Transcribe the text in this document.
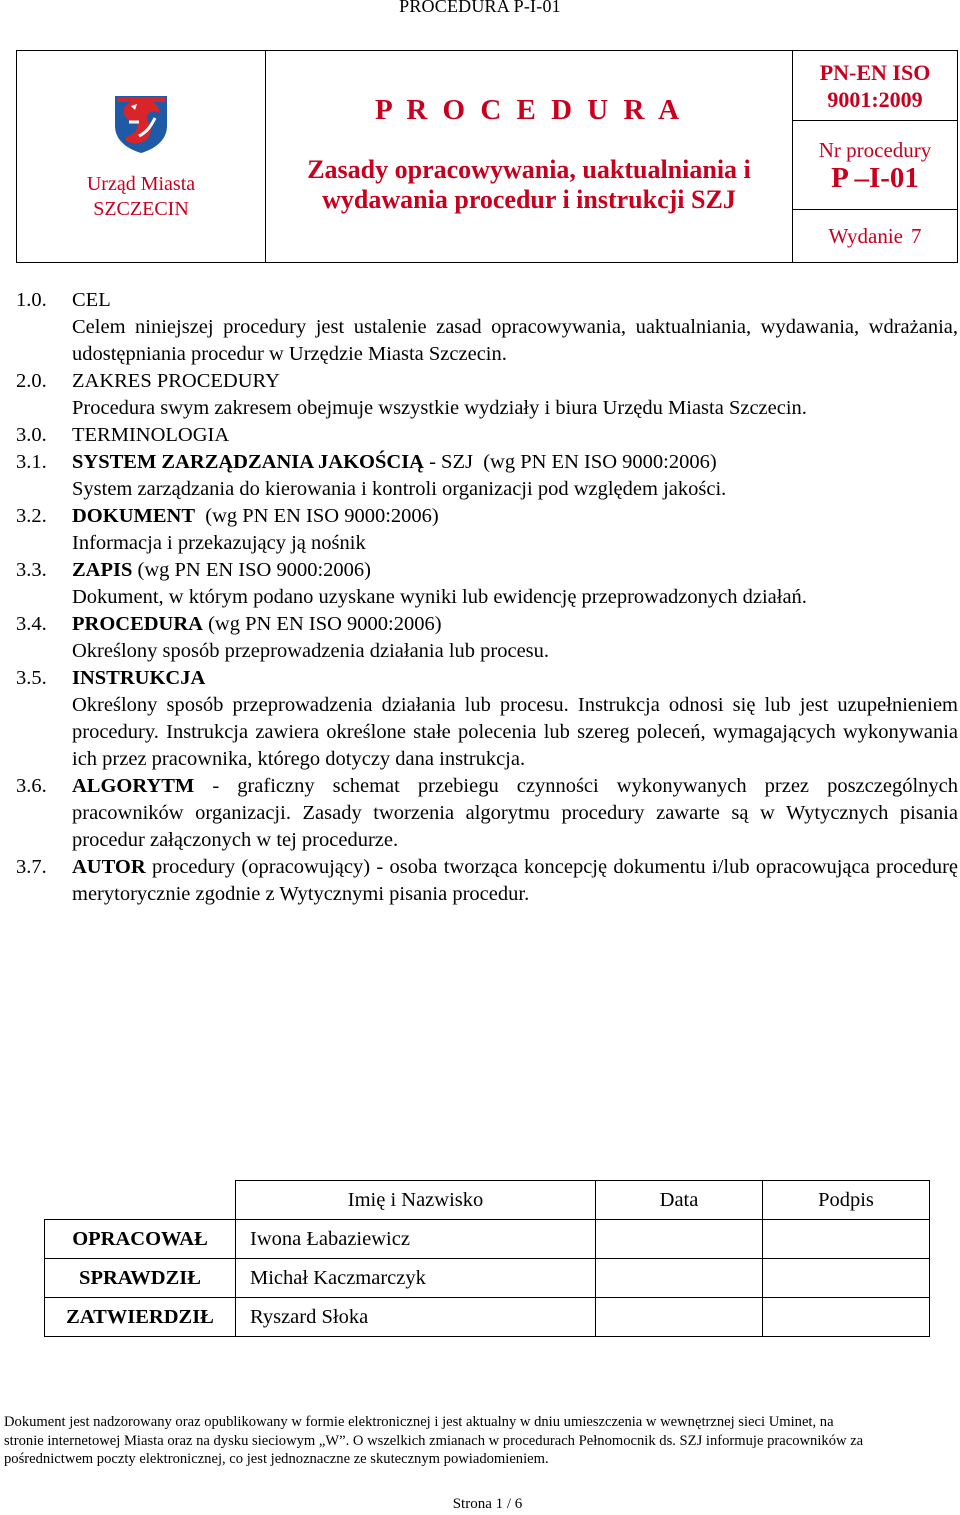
PROCEDURA P-I-01
Urząd Miasta
SZCZECIN

P R O C E D U R A
Zasady opracowywania, uaktualniania i
wydawania procedur i instrukcji SZJ

PN-EN ISO
9001:2009

Nr procedury
P –I-01

Wydanie 7
1.0.	CEL
Celem niniejszej procedury jest ustalenie zasad opracowywania, uaktualniania, wydawania, wdrażania, udostępniania procedur w Urzędzie Miasta Szczecin.
2.0.	ZAKRES PROCEDURY
Procedura swym zakresem obejmuje wszystkie wydziały i biura Urzędu Miasta Szczecin.
3.0.	TERMINOLOGIA
3.1.	SYSTEM ZARZĄDZANIA JAKOŚCIĄ - SZJ  (wg PN EN ISO 9000:2006)
System zarządzania do kierowania i kontroli organizacji pod względem jakości.
3.2.	DOKUMENT  (wg PN EN ISO 9000:2006)
Informacja i przekazujący ją nośnik
3.3.	ZAPIS (wg PN EN ISO 9000:2006)
Dokument, w którym podano uzyskane wyniki lub ewidencję przeprowadzonych działań.
3.4.	PROCEDURA (wg PN EN ISO 9000:2006)
Określony sposób przeprowadzenia działania lub procesu.
3.5.	INSTRUKCJA
Określony sposób przeprowadzenia działania lub procesu. Instrukcja odnosi się lub jest uzupełnieniem procedury. Instrukcja zawiera określone stałe polecenia lub szereg poleceń, wymagających wykonywania ich przez pracownika, którego dotyczy dana instrukcja.
3.6.	ALGORYTM - graficzny schemat przebiegu czynności wykonywanych przez poszczególnych pracowników organizacji. Zasady tworzenia algorytmu procedury zawarte są w Wytycznych pisania procedur załączonych w tej procedurze.
3.7.	AUTOR procedury (opracowujący) - osoba tworząca koncepcję dokumentu i/lub opracowująca procedurę merytorycznie zgodnie z Wytycznymi pisania procedur.
	Imię i Nazwisko	Data	Podpis
OPRACOWAŁ	Iwona Łabaziewicz		
SPRAWDZIŁ	Michał Kaczmarczyk		
ZATWIERDZIŁ	Ryszard Słoka		
Dokument jest nadzorowany oraz opublikowany w formie elektronicznej i jest aktualny w dniu umieszczenia w wewnętrznej sieci Uminet, na
stronie internetowej Miasta oraz na dysku sieciowym „W”. O wszelkich zmianach w procedurach Pełnomocnik ds. SZJ informuje pracowników za
pośrednictwem poczty elektronicznej, co jest jednoznaczne ze skutecznym powiadomieniem.
Strona 1 / 6
